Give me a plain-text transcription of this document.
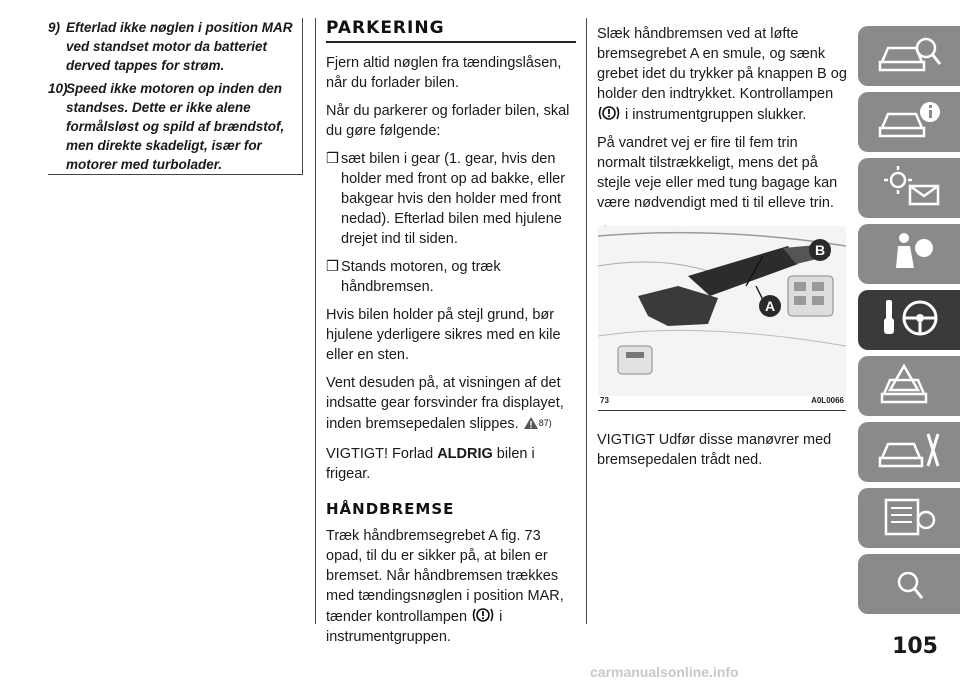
9) Efterlad ikke nøglen i position MAR ved standset motor da batteriet derved tappes for strøm.
10)
Speed ikke motoren op inden den standses. Dette er ikke alene formålsløst og spild af brændstof, men direkte skadeligt, især for motorer med turbolader.
PARKERING

Fjern altid nøglen fra tændingslåsen, når du forlader bilen.

Når du parkerer og forlader bilen, skal du gøre følgende:

❒ sæt bilen i gear (1. gear, hvis den holder med front op ad bakke, eller bakgear hvis den holder med front nedad). Efterlad bilen med hjulene drejet ind til siden.
❒ Stands motoren, og træk håndbremsen.

Hvis bilen holder på stejl grund, bør hjulene yderligere sikres med en kile eller en sten.

Vent desuden på, at visningen af det indsatte gear forsvinder fra displayet, inden bremsepedalen slippes. $^{87)}$

VIGTIGT! Forlad ALDRIG bilen i frigear.

HÅNDBREMSE

Træk håndbremsegrebet A fig. 73 opad, til du er sikker på, at bilen er bremset. Når håndbremsen trækkes med tændingsnøglen i position MAR, tænder kontrollampen i instrumentgruppen.

Slæk håndbremsen ved at løfte bremsegrebet A en smule, og sænk grebet idet du trykker på knappen B og holder den indtrykket. Kontrollampen  i instrumentgruppen slukker.

På vandret vej er fire til fem trin normalt tilstrækkeligt, mens det på stejle veje eller med tung bagage kan være nødvendigt med ti til elleve trin.

B
A
73	A0L0066

VIGTIGT Udfør disse manøvrer med bremsepedalen trådt ned.

105
carmanualsonline.info
